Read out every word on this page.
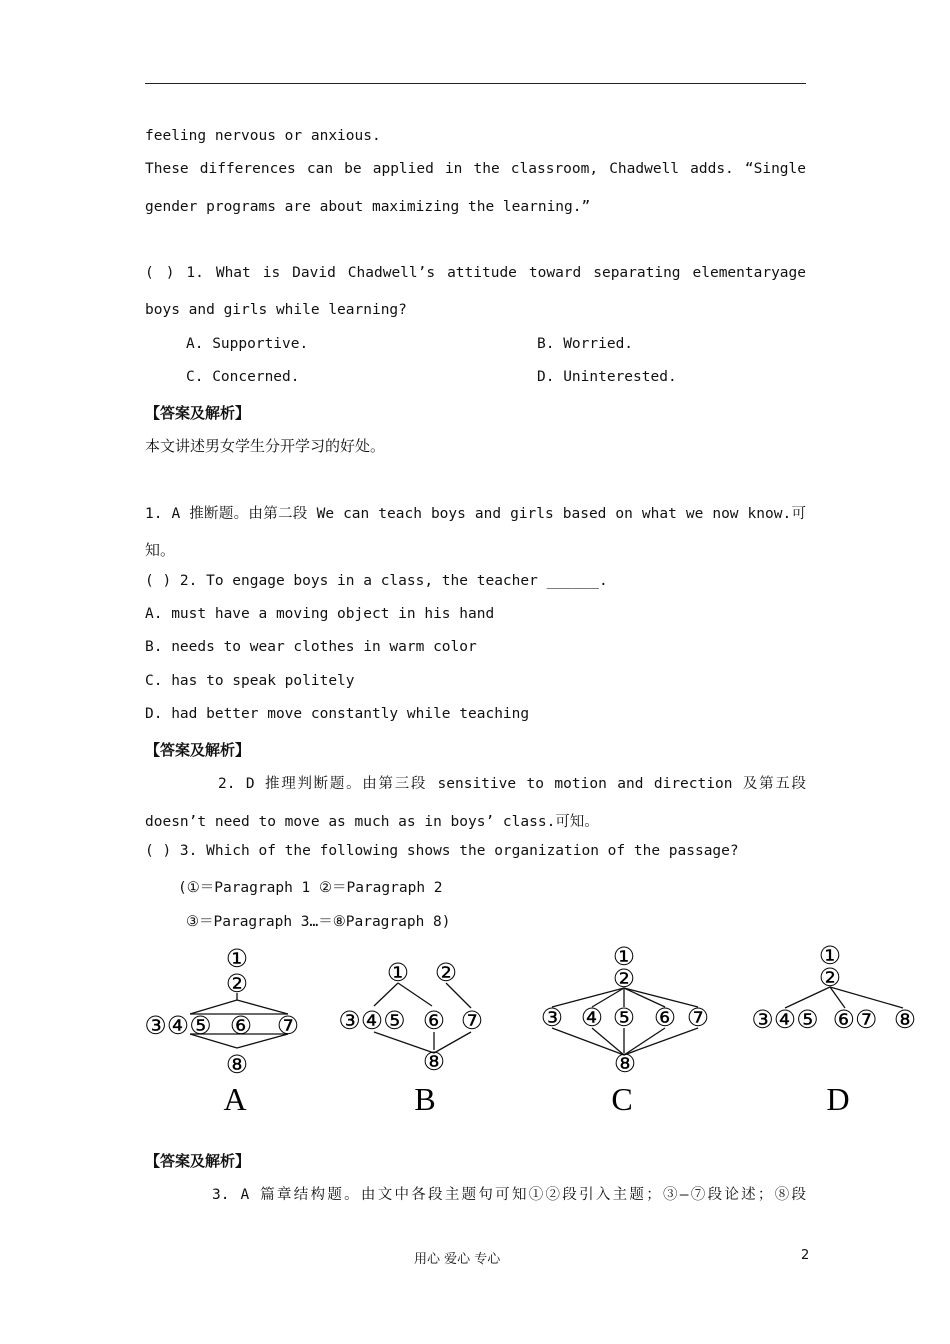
feeling nervous or anxious.
These differences can be applied in the classroom, Chadwell adds. “Single
gender programs are about maximizing the learning.”
( ) 1. What is David Chadwell’s attitude toward separating elementaryage
boys and girls while learning?
A. Supportive.	B. Worried.
C. Concerned.	D. Uninterested.
【答案及解析】
本文讲述男女学生分开学习的好处。
1. A 推断题。由第二段 We can teach boys and girls based on what we now know.可
知。
( ) 2. To engage boys in a class, the teacher ______.
A. must have a moving object in his hand
B. needs to wear clothes in warm color
C. has to speak politely
D. had better move constantly while teaching
【答案及解析】
2. D 推理判断题。由第三段 sensitive to motion and direction 及第五段
doesn’t need to move as much as in boys’ class.可知。
( ) 3. Which of the following shows the organization of the passage?
(①＝Paragraph 1 ②＝Paragraph 2
③＝Paragraph 3…＝⑧Paragraph 8)
①
②
③④⑤ ⑥ ⑦
⑧
A
① ②
③④⑤ ⑥ ⑦
⑧
B
①
②
③ ④ ⑤ ⑥ ⑦
⑧
C
①
②
③④⑤ ⑥⑦ ⑧
D
【答案及解析】
3. A 篇章结构题。由文中各段主题句可知①②段引入主题；③—⑦段论述；⑧段
用心 爱心 专心	2
